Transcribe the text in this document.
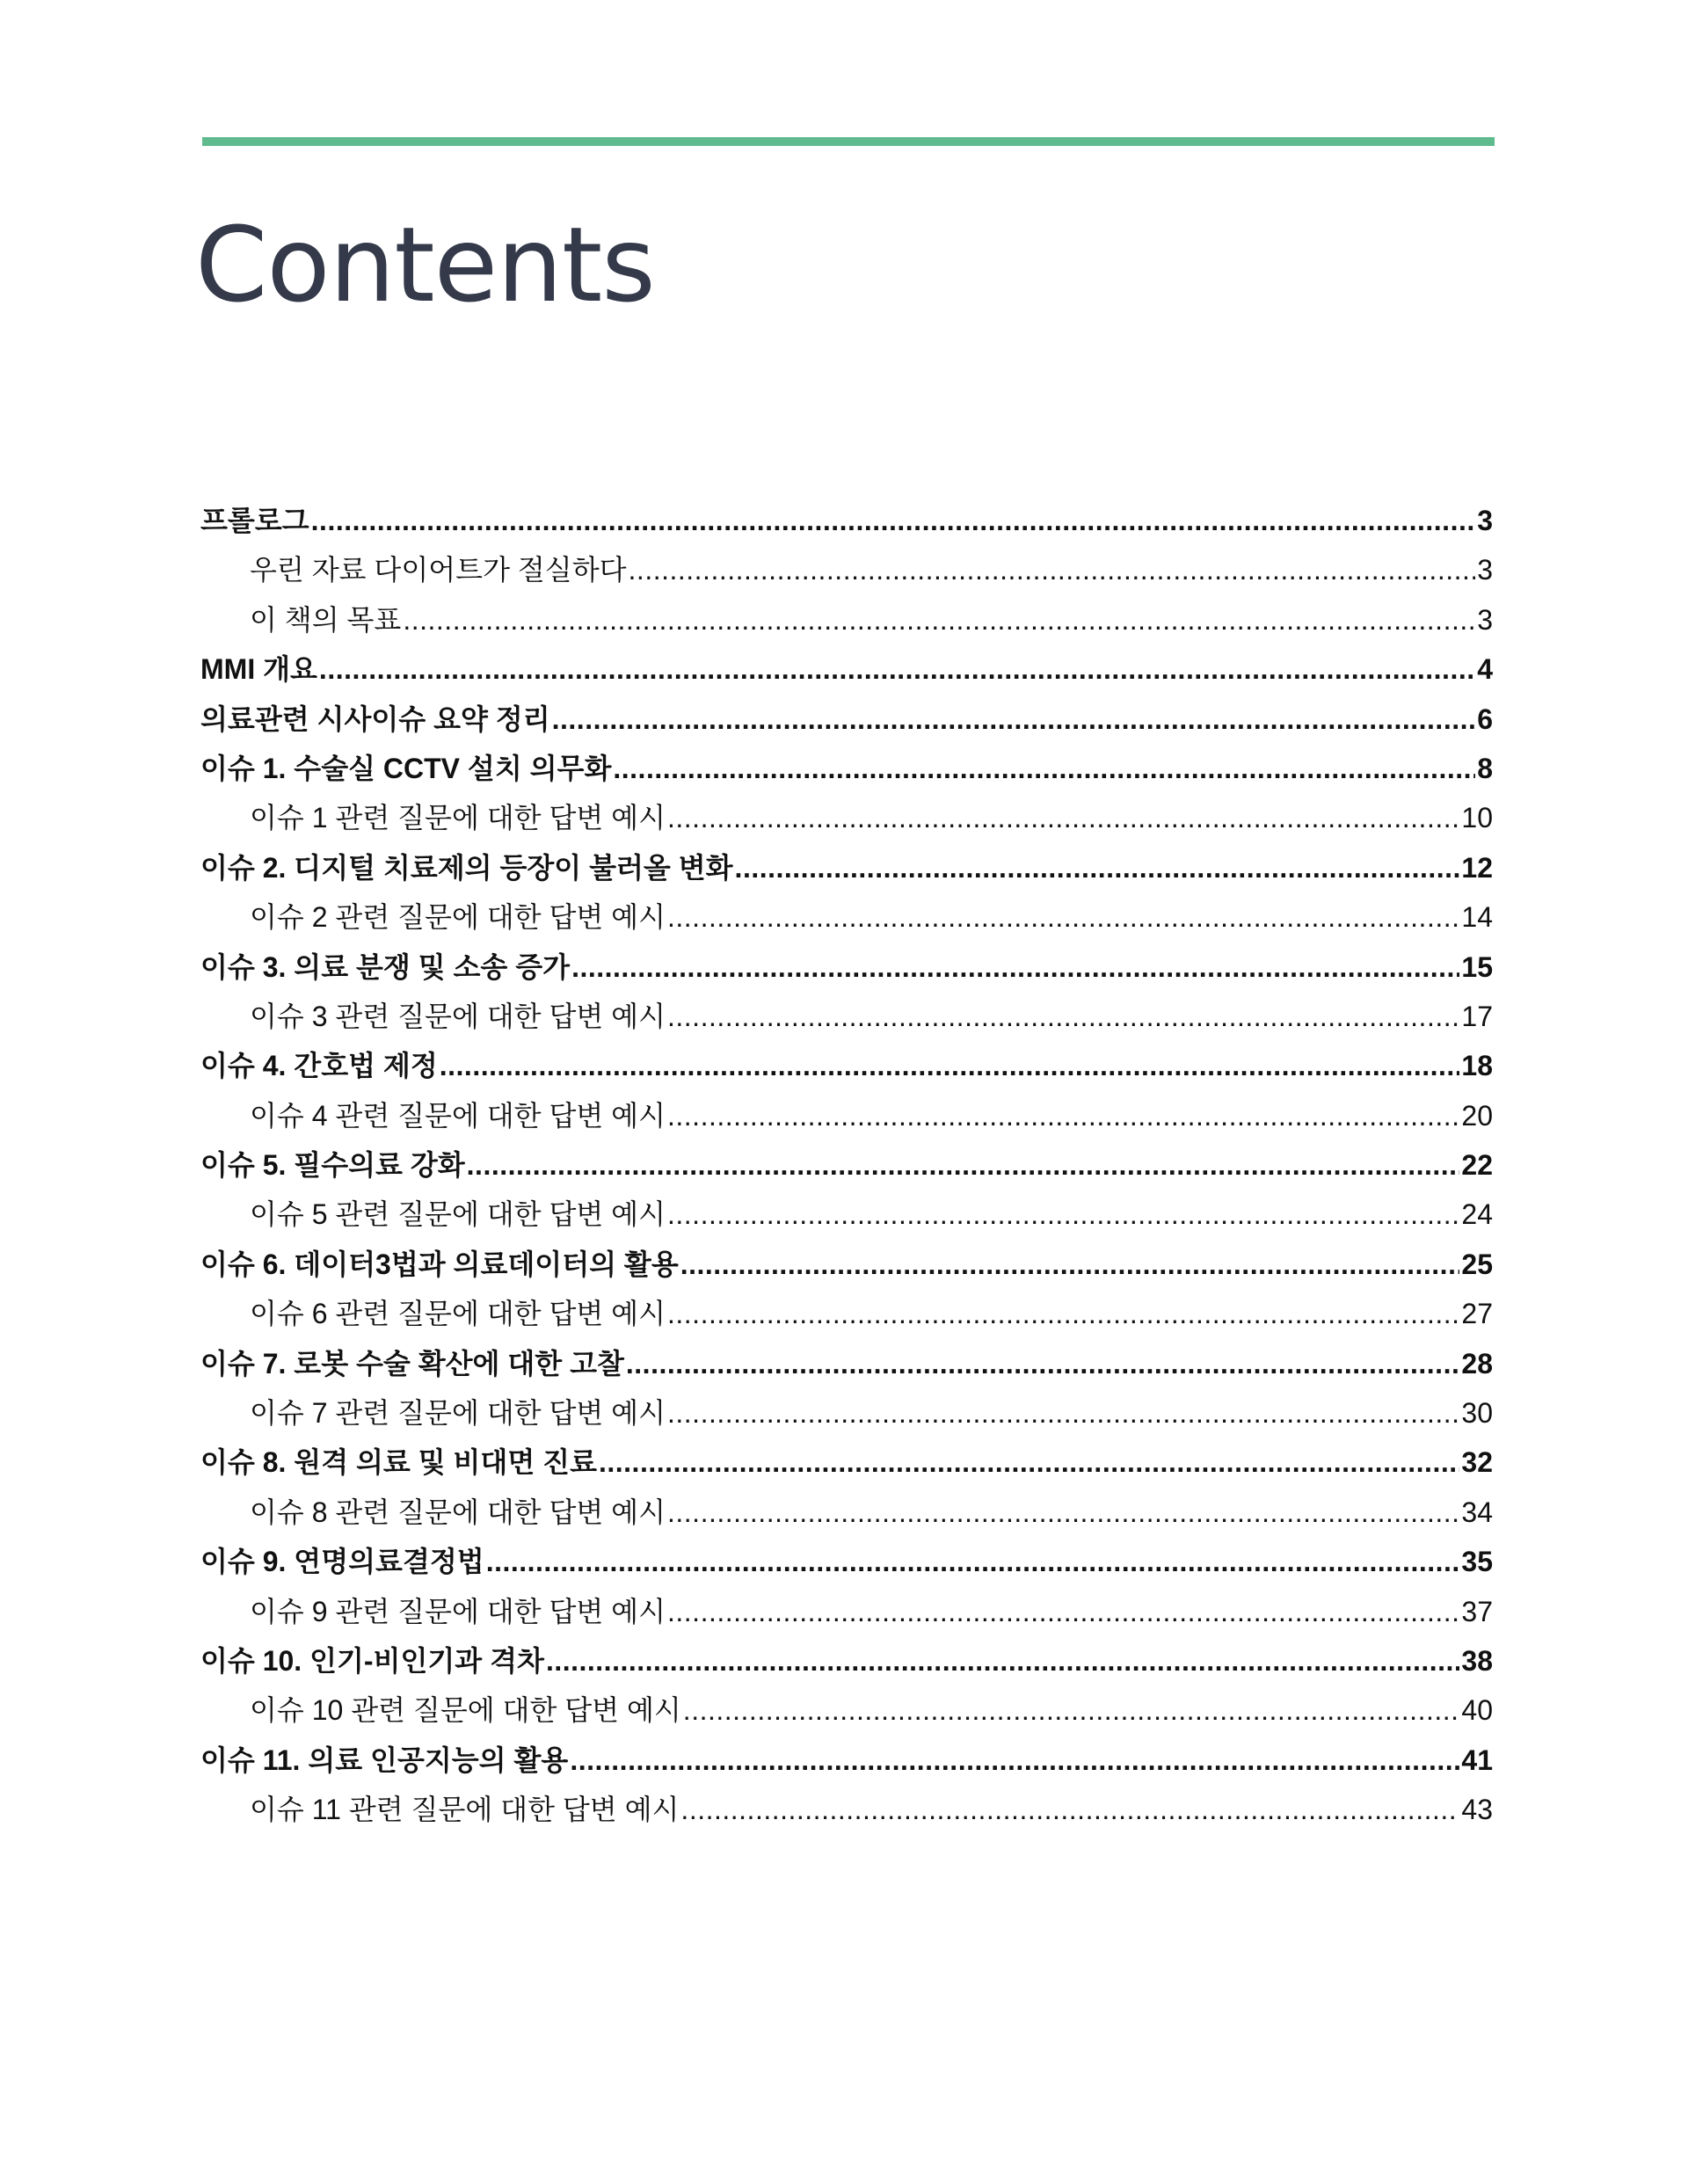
Contents
프롤로그 .....	3
우린 자료 다이어트가 절실하다 .....	3
이 책의 목표 .....	3
MMI 개요 .....	4
의료관련 시사이슈 요약 정리 .....	6
이슈 1. 수술실 CCTV 설치 의무화 .....	8
이슈 1 관련 질문에 대한 답변 예시 .....	10
이슈 2. 디지털 치료제의 등장이 불러올 변화 .....	12
이슈 2 관련 질문에 대한 답변 예시 .....	14
이슈 3. 의료 분쟁 및 소송 증가 .....	15
이슈 3 관련 질문에 대한 답변 예시 .....	17
이슈 4. 간호법 제정 .....	18
이슈 4 관련 질문에 대한 답변 예시 .....	20
이슈 5. 필수의료 강화 .....	22
이슈 5 관련 질문에 대한 답변 예시 .....	24
이슈 6. 데이터3법과 의료데이터의 활용 .....	25
이슈 6 관련 질문에 대한 답변 예시 .....	27
이슈 7. 로봇 수술 확산에 대한 고찰 .....	28
이슈 7 관련 질문에 대한 답변 예시 .....	30
이슈 8. 원격 의료 및 비대면 진료 .....	32
이슈 8 관련 질문에 대한 답변 예시 .....	34
이슈 9. 연명의료결정법 .....	35
이슈 9 관련 질문에 대한 답변 예시 .....	37
이슈 10. 인기-비인기과 격차 .....	38
이슈 10 관련 질문에 대한 답변 예시 .....	40
이슈 11. 의료 인공지능의 활용 .....	41
이슈 11 관련 질문에 대한 답변 예시 .....	43
